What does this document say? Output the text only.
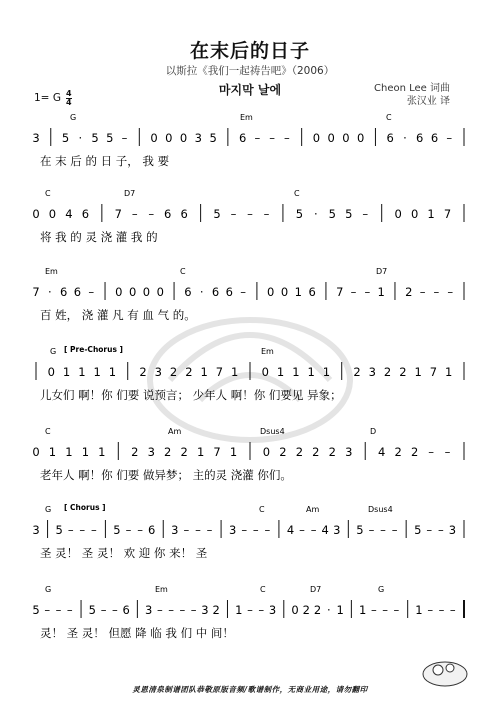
在末后的日子
以斯拉《我们一起祷告吧》（2006）
마지막 날에	Cheon Lee 词曲
张汉业 译
1= G 4
4
G	Em	C
3 5 · 5 5 – 0 0 0 3 5 6 – – – 0 0 0 0 6 · 6 6 –
在 末 后 的 日 子， 我 要
C	D7	C
0 0 4 6 7 – – 6 6 5 – – – 5 · 5 5 – 0 0 1 7
将 我 的 灵 浇 灌 我 的
Em	C	D7
7 · 6 6 – 0 0 0 0 6 · 6 6 – 0 0 1 6 7 – – 1 2 – – –
百 姓， 浇 灌 凡 有 血 气 的。
[ Pre-Chorus ]
G	Em
0 1 1 1 1 2 3 2 2 1 7 1 0 1 1 1 1 2 3 2 2 1 7 1
儿女们 啊！你 们要 说预言； 少年人 啊！你 们要见 异象；
C	Am	Dsus4	D
0 1 1 1 1 2 3 2 2 1 7 1 0 2 2 2 2 3 4 2 2 – –
老年人 啊！你 们要 做异梦； 主的灵 浇灌 你们。
[ Chorus ]
G	C	Am	Dsus4
3 5 – – – 5 – – 6 3 – – – 3 – – – 4 – – 4 3 5 – – – 5 – – 3
圣 灵！ 圣 灵！ 欢 迎 你 来！ 圣
G	Em	C	D7	G
5 – – – 5 – – 6 3 – – – – 3 2 1 – – 3 0 2 2 · 1 1 – – – 1 – – –
灵！ 圣 灵！ 但愿 降 临 我 们 中 间！
灵恩清泉制谱团队恭敬原版音频/歌谱制作，无商业用途，请勿翻印
